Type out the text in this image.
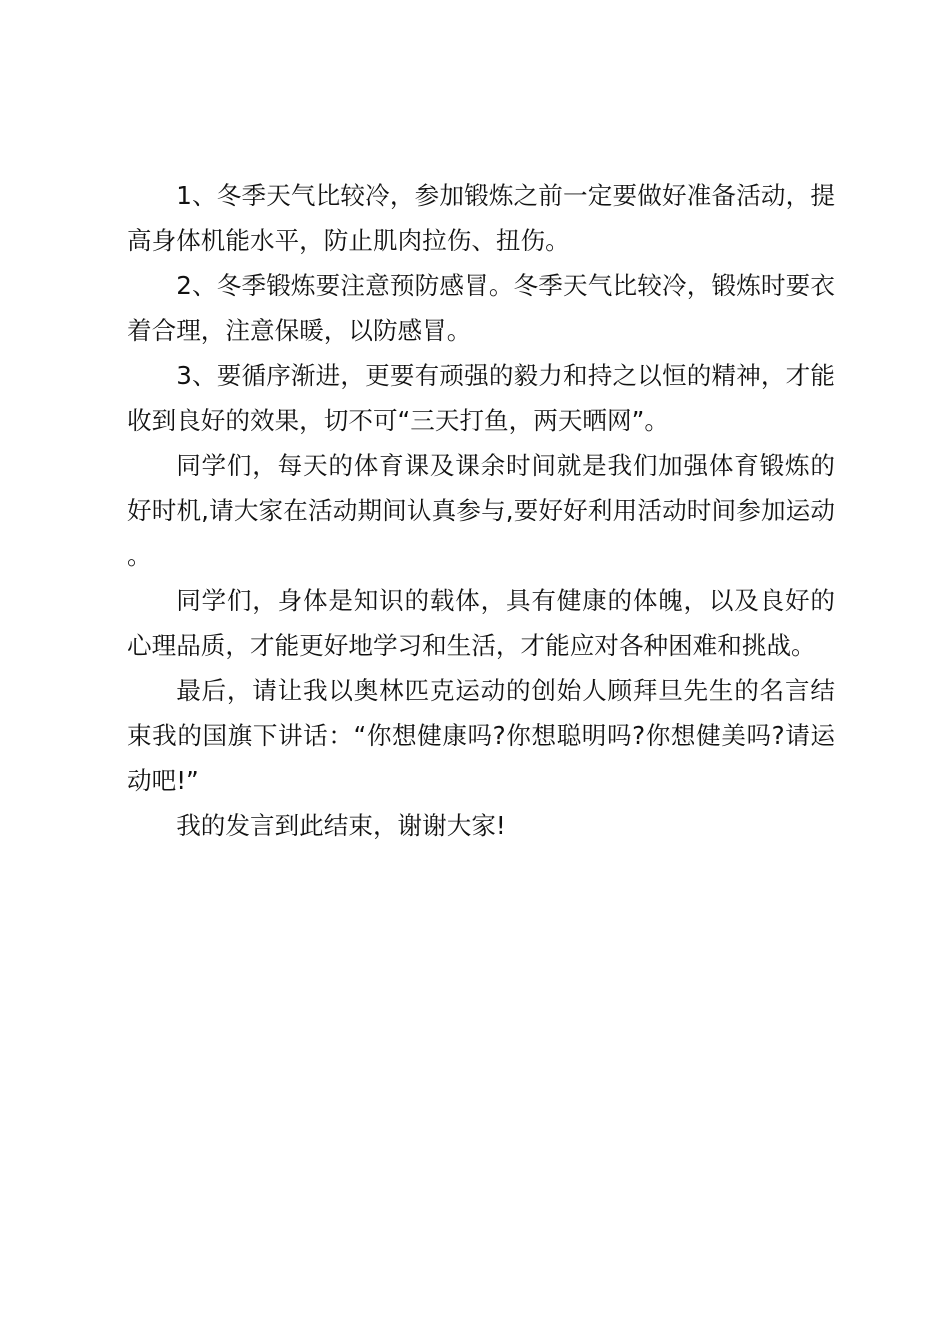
1、冬季天气比较冷，参加锻炼之前一定要做好准备活动，提高身体机能水平，防止肌肉拉伤、扭伤。

2、冬季锻炼要注意预防感冒。冬季天气比较冷，锻炼时要衣着合理，注意保暖，以防感冒。

3、要循序渐进，更要有顽强的毅力和持之以恒的精神，才能收到良好的效果，切不可“三天打鱼，两天晒网”。

同学们，每天的体育课及课余时间就是我们加强体育锻炼的好时机,请大家在活动期间认真参与,要好好利用活动时间参加运动。

同学们，身体是知识的载体，具有健康的体魄，以及良好的心理品质，才能更好地学习和生活，才能应对各种困难和挑战。

最后，请让我以奥林匹克运动的创始人顾拜旦先生的名言结束我的国旗下讲话：“你想健康吗?你想聪明吗?你想健美吗?请运动吧!”

我的发言到此结束，谢谢大家!
